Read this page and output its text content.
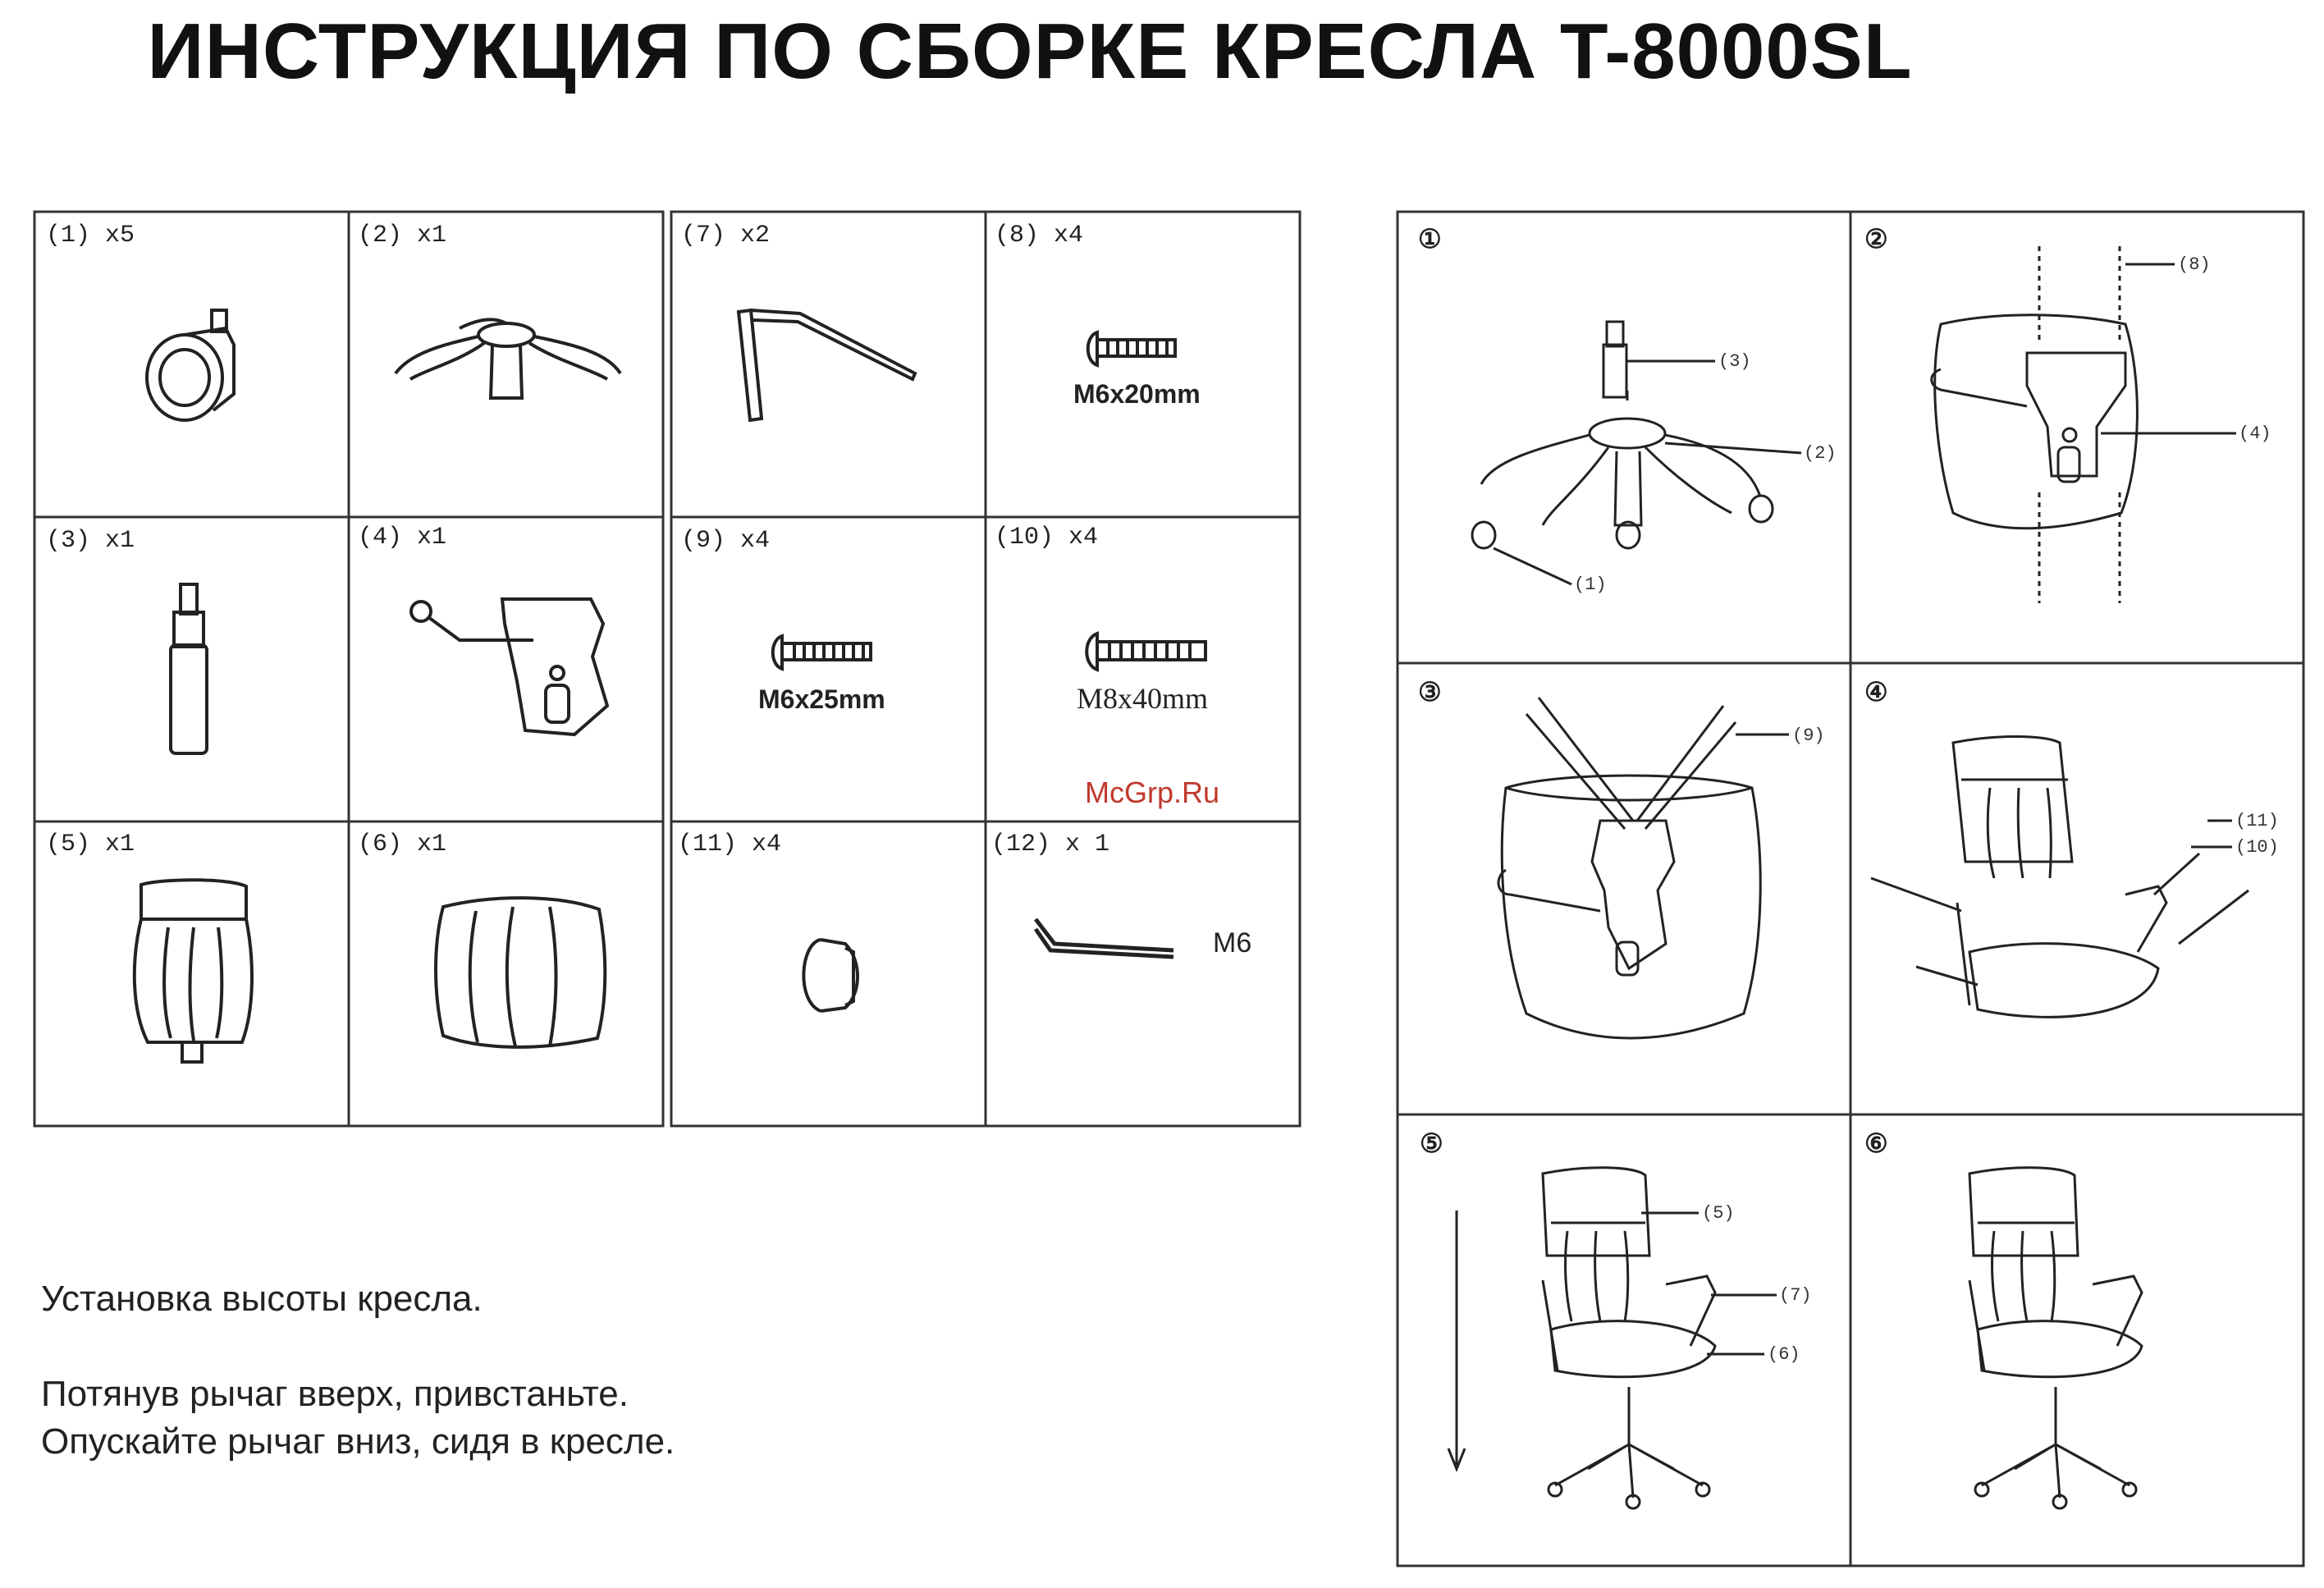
ИНСТРУКЦИЯ ПО СБОРКЕ КРЕСЛА T-8000SL
(1) x5	(2) x1	(7) x2	(8) x4
(3) x1	(4) x1	(9) x4	(10) x4
(5) x1	(6) x1	(11) x4	(12) x 1
M6x20mm
M6x25mm	M8x40mm
M6
①	②
③	④
⑤	⑥
(3)
(2)
(1)
(8)
(4)
(9)
(11)
(10)
(5)
(7)
(6)
Установка высоты кресла.
Потянув рычаг вверх, привстаньте.
Опускайте рычаг вниз, сидя в кресле.
McGrp.Ru
